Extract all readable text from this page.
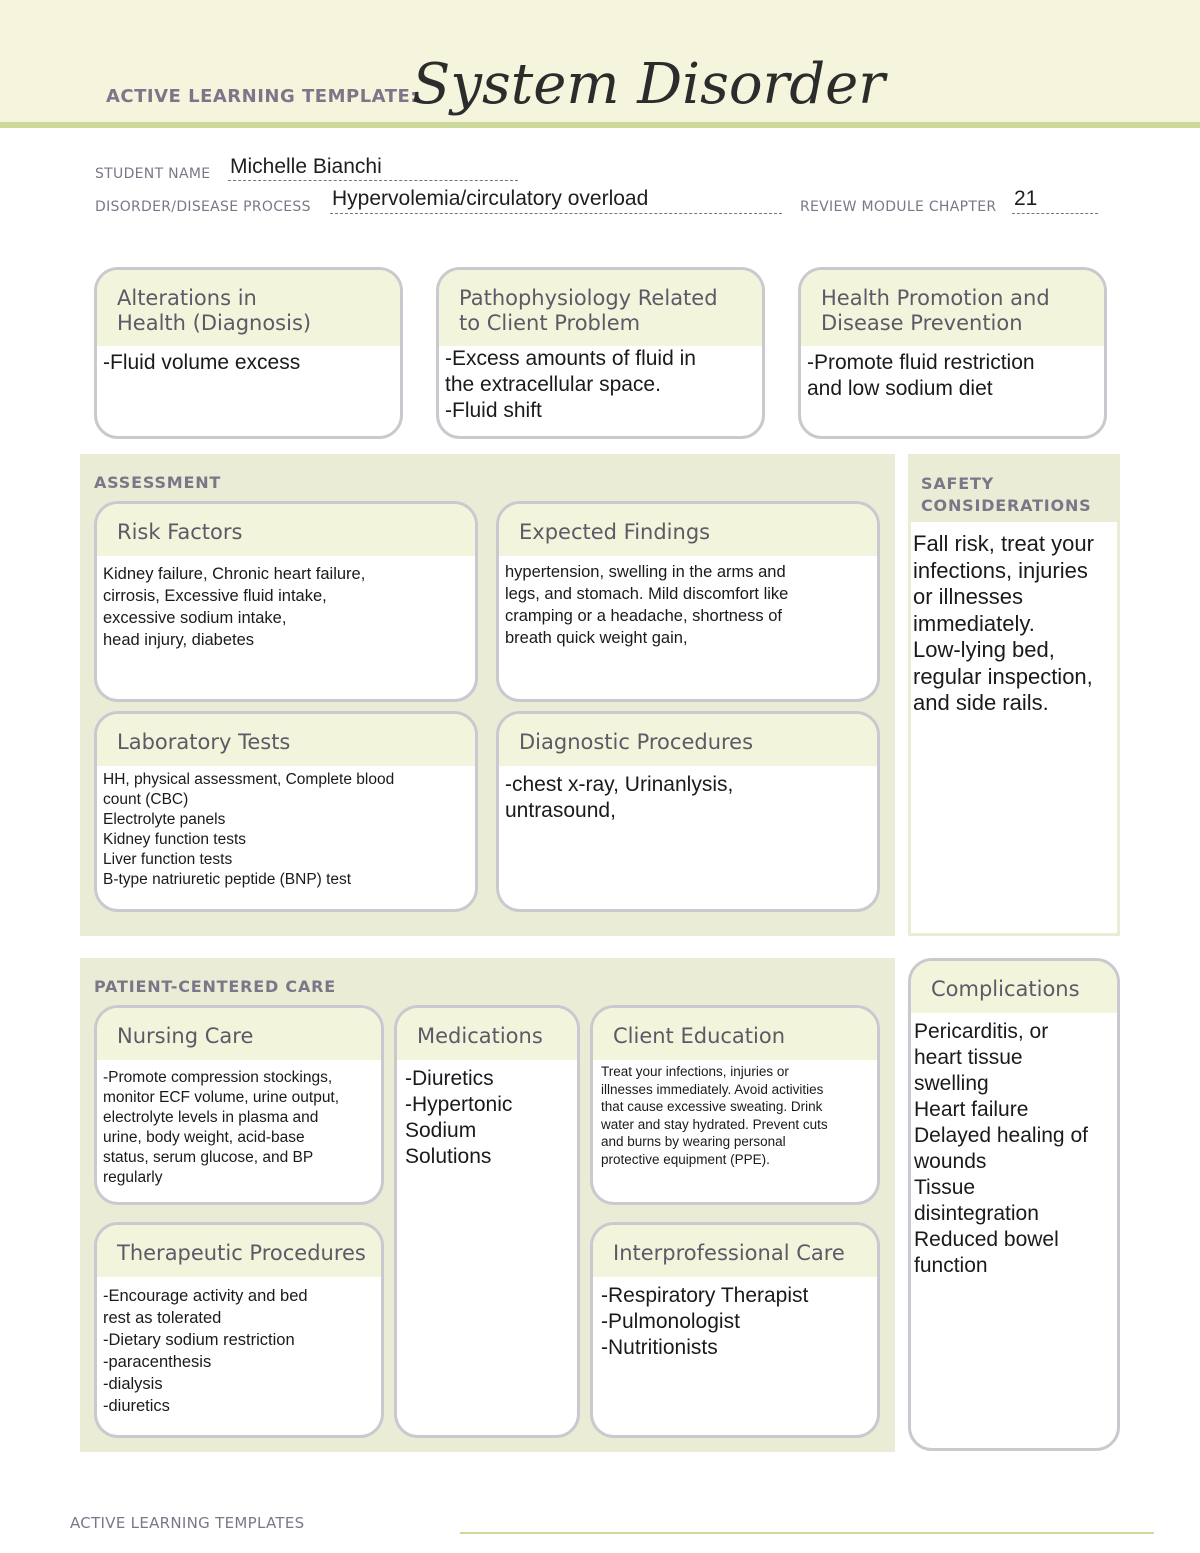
ACTIVE LEARNING TEMPLATE:
System Disorder
STUDENT NAME Michelle Bianchi
DISORDER/DISEASE PROCESS Hypervolemia/circulatory overload	REVIEW MODULE CHAPTER 21
Alterations in
Health (Diagnosis)
-Fluid volume excess
Pathophysiology Related
to Client Problem
-Excess amounts of fluid in
the extracellular space.
-Fluid shift
Health Promotion and
Disease Prevention
-Promote fluid restriction
and low sodium diet
ASSESSMENT
Risk Factors
Kidney failure, Chronic heart failure,
cirrosis, Excessive fluid intake,
excessive sodium intake,
head injury, diabetes
Expected Findings
hypertension, swelling in the arms and
legs, and stomach. Mild discomfort like
cramping or a headache, shortness of
breath quick weight gain,
Laboratory Tests
HH, physical assessment, Complete blood
count (CBC)
Electrolyte panels
Kidney function tests
Liver function tests
B-type natriuretic peptide (BNP) test
Diagnostic Procedures
-chest x-ray, Urinanlysis,
untrasound,
SAFETY
CONSIDERATIONS
Fall risk, treat your
infections, injuries
or illnesses
immediately.
Low-lying bed,
regular inspection,
and side rails.
PATIENT-CENTERED CARE
Nursing Care
-Promote compression stockings,
monitor ECF volume, urine output,
electrolyte levels in plasma and
urine, body weight, acid-base
status, serum glucose, and BP
regularly
Medications
-Diuretics
-Hypertonic
Sodium
Solutions
Client Education
Treat your infections, injuries or
illnesses immediately. Avoid activities
that cause excessive sweating. Drink
water and stay hydrated. Prevent cuts
and burns by wearing personal
protective equipment (PPE).
Therapeutic Procedures
-Encourage activity and bed
rest as tolerated
-Dietary sodium restriction
-paracenthesis
-dialysis
-diuretics
Interprofessional Care
-Respiratory Therapist
-Pulmonologist
-Nutritionists
Complications
Pericarditis, or
heart tissue
swelling
Heart failure
Delayed healing of
wounds
Tissue
disintegration
Reduced bowel
function
ACTIVE LEARNING TEMPLATES
